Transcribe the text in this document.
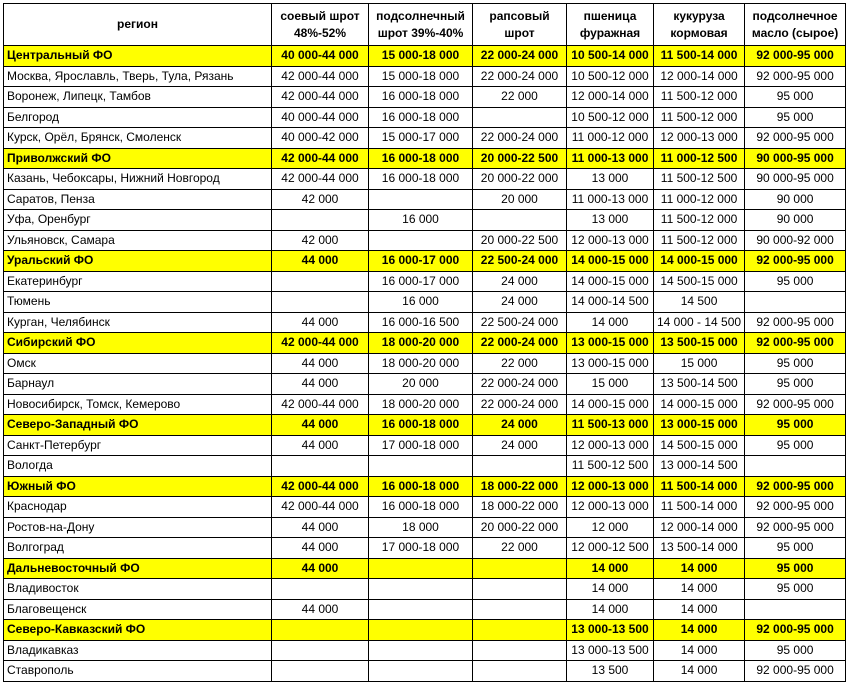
регион	соевый шрот 48%-52%	подсолнечный шрот 39%-40%	рапсовый шрот	пшеница фуражная	кукуруза кормовая	подсолнечное масло (сырое)
Центральный ФО	40 000-44 000	15 000-18 000	22 000-24 000	10 500-14 000	11 500-14 000	92 000-95 000
Москва, Ярославль, Тверь, Тула, Рязань	42 000-44 000	15 000-18 000	22 000-24 000	10 500-12 000	12 000-14 000	92 000-95 000
Воронеж, Липецк, Тамбов	42 000-44 000	16 000-18 000	22 000	12 000-14 000	11 500-12 000	95 000
Белгород	40 000-44 000	16 000-18 000		10 500-12 000	11 500-12 000	95 000
Курск, Орёл, Брянск, Смоленск	40 000-42 000	15 000-17 000	22 000-24 000	11 000-12 000	12 000-13 000	92 000-95 000
Приволжский ФО	42 000-44 000	16 000-18 000	20 000-22 500	11 000-13 000	11 000-12 500	90 000-95 000
Казань, Чебоксары, Нижний Новгород	42 000-44 000	16 000-18 000	20 000-22 000	13 000	11 500-12 500	90 000-95 000
Саратов, Пенза	42 000		20 000	11 000-13 000	11 000-12 000	90 000
Уфа, Оренбург		16 000		13 000	11 500-12 000	90 000
Ульяновск, Самара	42 000		20 000-22 500	12 000-13 000	11 500-12 000	90 000-92 000
Уральский ФО	44 000	16 000-17 000	22 500-24 000	14 000-15 000	14 000-15 000	92 000-95 000
Екатеринбург		16 000-17 000	24 000	14 000-15 000	14 500-15 000	95 000
Тюмень		16 000	24 000	14 000-14 500	14 500	
Курган, Челябинск	44 000	16 000-16 500	22 500-24 000	14 000	14 000 - 14 500	92 000-95 000
Сибирский ФО	42 000-44 000	18 000-20 000	22 000-24 000	13 000-15 000	13 500-15 000	92 000-95 000
Омск	44 000	18 000-20 000	22 000	13 000-15 000	15 000	95 000
Барнаул	44 000	20 000	22 000-24 000	15 000	13 500-14 500	95 000
Новосибирск, Томск, Кемерово	42 000-44 000	18 000-20 000	22 000-24 000	14 000-15 000	14 000-15 000	92 000-95 000
Северо-Западный ФО	44 000	16 000-18 000	24 000	11 500-13 000	13 000-15 000	95 000
Санкт-Петербург	44 000	17 000-18 000	24 000	12 000-13 000	14 500-15 000	95 000
Вологда				11 500-12 500	13 000-14 500	
Южный ФО	42 000-44 000	16 000-18 000	18 000-22 000	12 000-13 000	11 500-14 000	92 000-95 000
Краснодар	42 000-44 000	16 000-18 000	18 000-22 000	12 000-13 000	11 500-14 000	92 000-95 000
Ростов-на-Дону	44 000	18 000	20 000-22 000	12 000	12 000-14 000	92 000-95 000
Волгоград	44 000	17 000-18 000	22 000	12 000-12 500	13 500-14 000	95 000
Дальневосточный ФО	44 000			14 000	14 000	95 000
Владивосток				14 000	14 000	95 000
Благовещенск	44 000			14 000	14 000	
Северо-Кавказский ФО				13 000-13 500	14 000	92 000-95 000
Владикавказ				13 000-13 500	14 000	95 000
Ставрополь				13 500	14 000	92 000-95 000
